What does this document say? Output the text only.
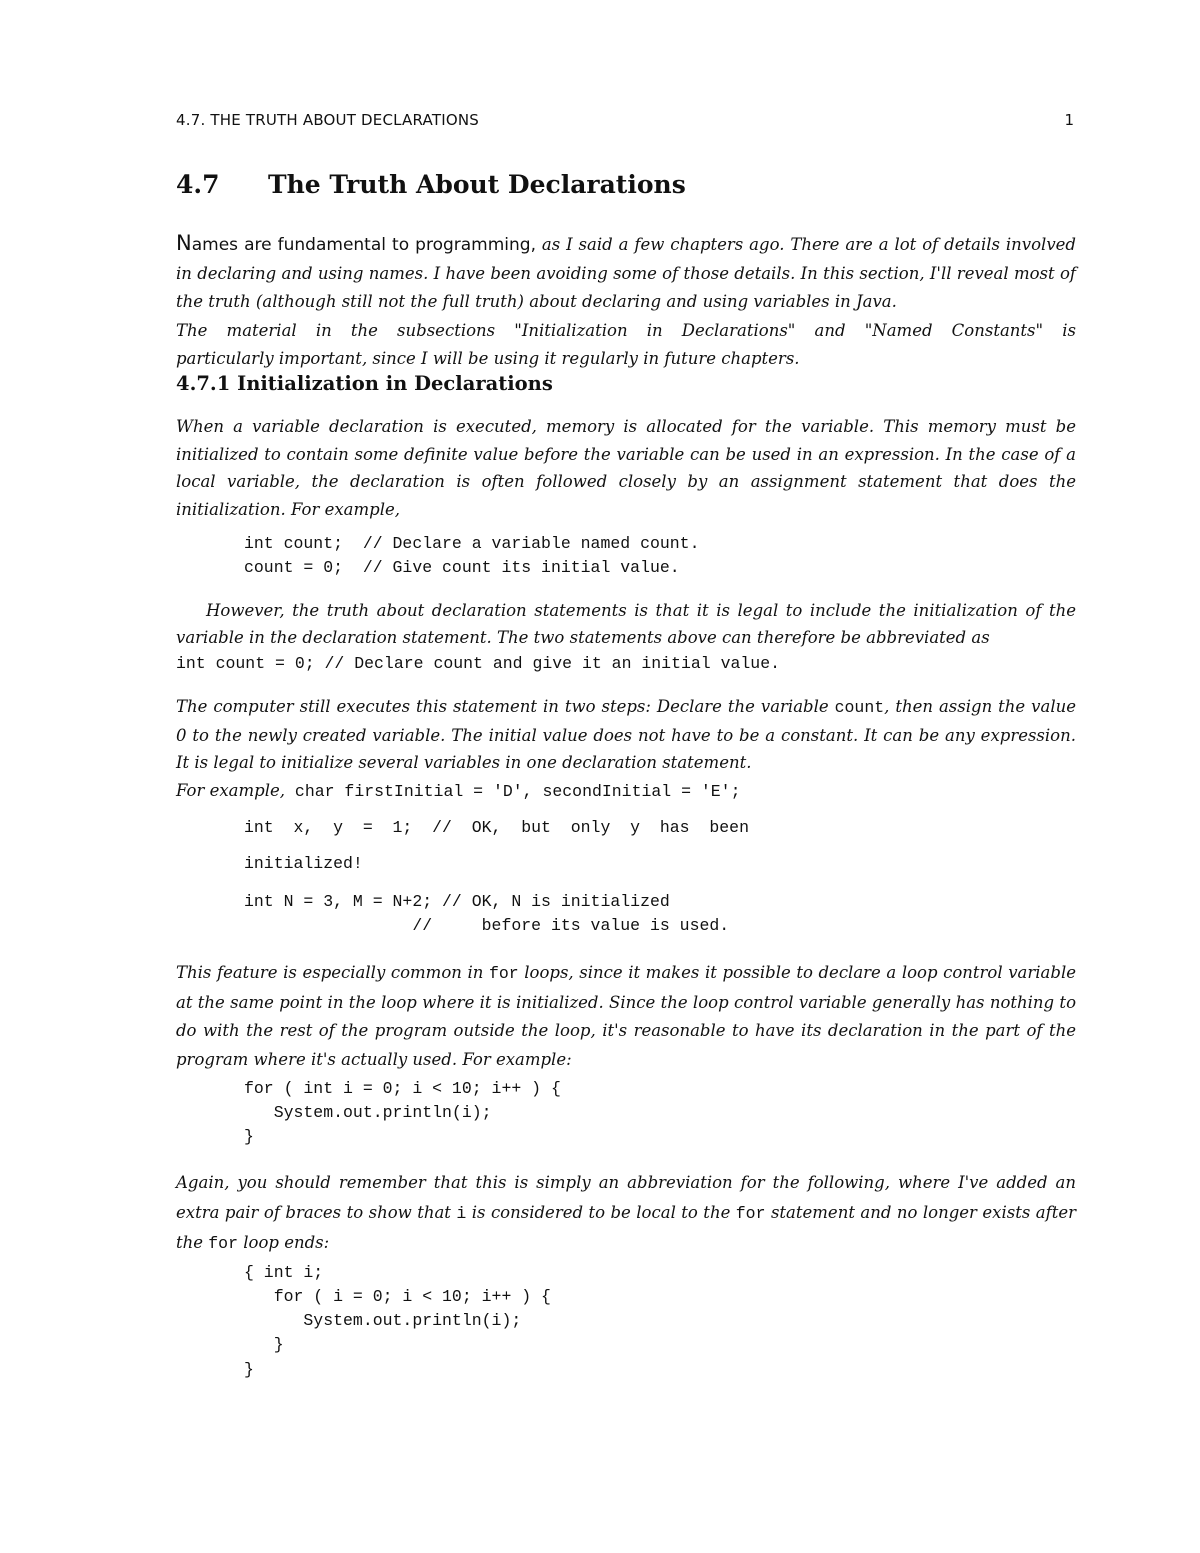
4.7. THE TRUTH ABOUT DECLARATIONS	1
4.7 The Truth About Declarations
Names are fundamental to programming, as I said a few chapters ago. There are a lot of details involved in declaring and using names. I have been avoiding some of those details. In this section, I'll reveal most of the truth (although still not the full truth) about declaring and using variables in Java.
The material in the subsections "Initialization in Declarations" and "Named Constants" is
particularly important, since I will be using it regularly in future chapters.
4.7.1 Initialization in Declarations
When a variable declaration is executed, memory is allocated for the variable. This memory must be initialized to contain some definite value before the variable can be used in an expression. In the case of a local variable, the declaration is often followed closely by an assignment statement that does the initialization. For example,
int count;  // Declare a variable named count.
count = 0;  // Give count its initial value.
However, the truth about declaration statements is that it is legal to include the initialization of the variable in the declaration statement. The two statements above can therefore be abbreviated as
int count = 0; // Declare count and give it an initial value.
The computer still executes this statement in two steps: Declare the variable count, then assign the value 0 to the newly created variable. The initial value does not have to be a constant. It can be any expression. It is legal to initialize several variables in one declaration statement.
For example, char firstInitial = 'D', secondInitial = 'E';
int  x,  y  =  1;  //  OK,  but  only  y  has  been
initialized!
int N = 3, M = N+2; // OK, N is initialized
//     before its value is used.
This feature is especially common in for loops, since it makes it possible to declare a loop control variable at the same point in the loop where it is initialized. Since the loop control variable generally has nothing to do with the rest of the program outside the loop, it's reasonable to have its declaration in the part of the program where it's actually used. For example:
for ( int i = 0; i < 10; i++ ) {
System.out.println(i);
}
Again, you should remember that this is simply an abbreviation for the following, where I've added an extra pair of braces to show that i is considered to be local to the for statement and no longer exists after the for loop ends:
{ int i;
for ( i = 0; i < 10; i++ ) {
System.out.println(i);
}
}
